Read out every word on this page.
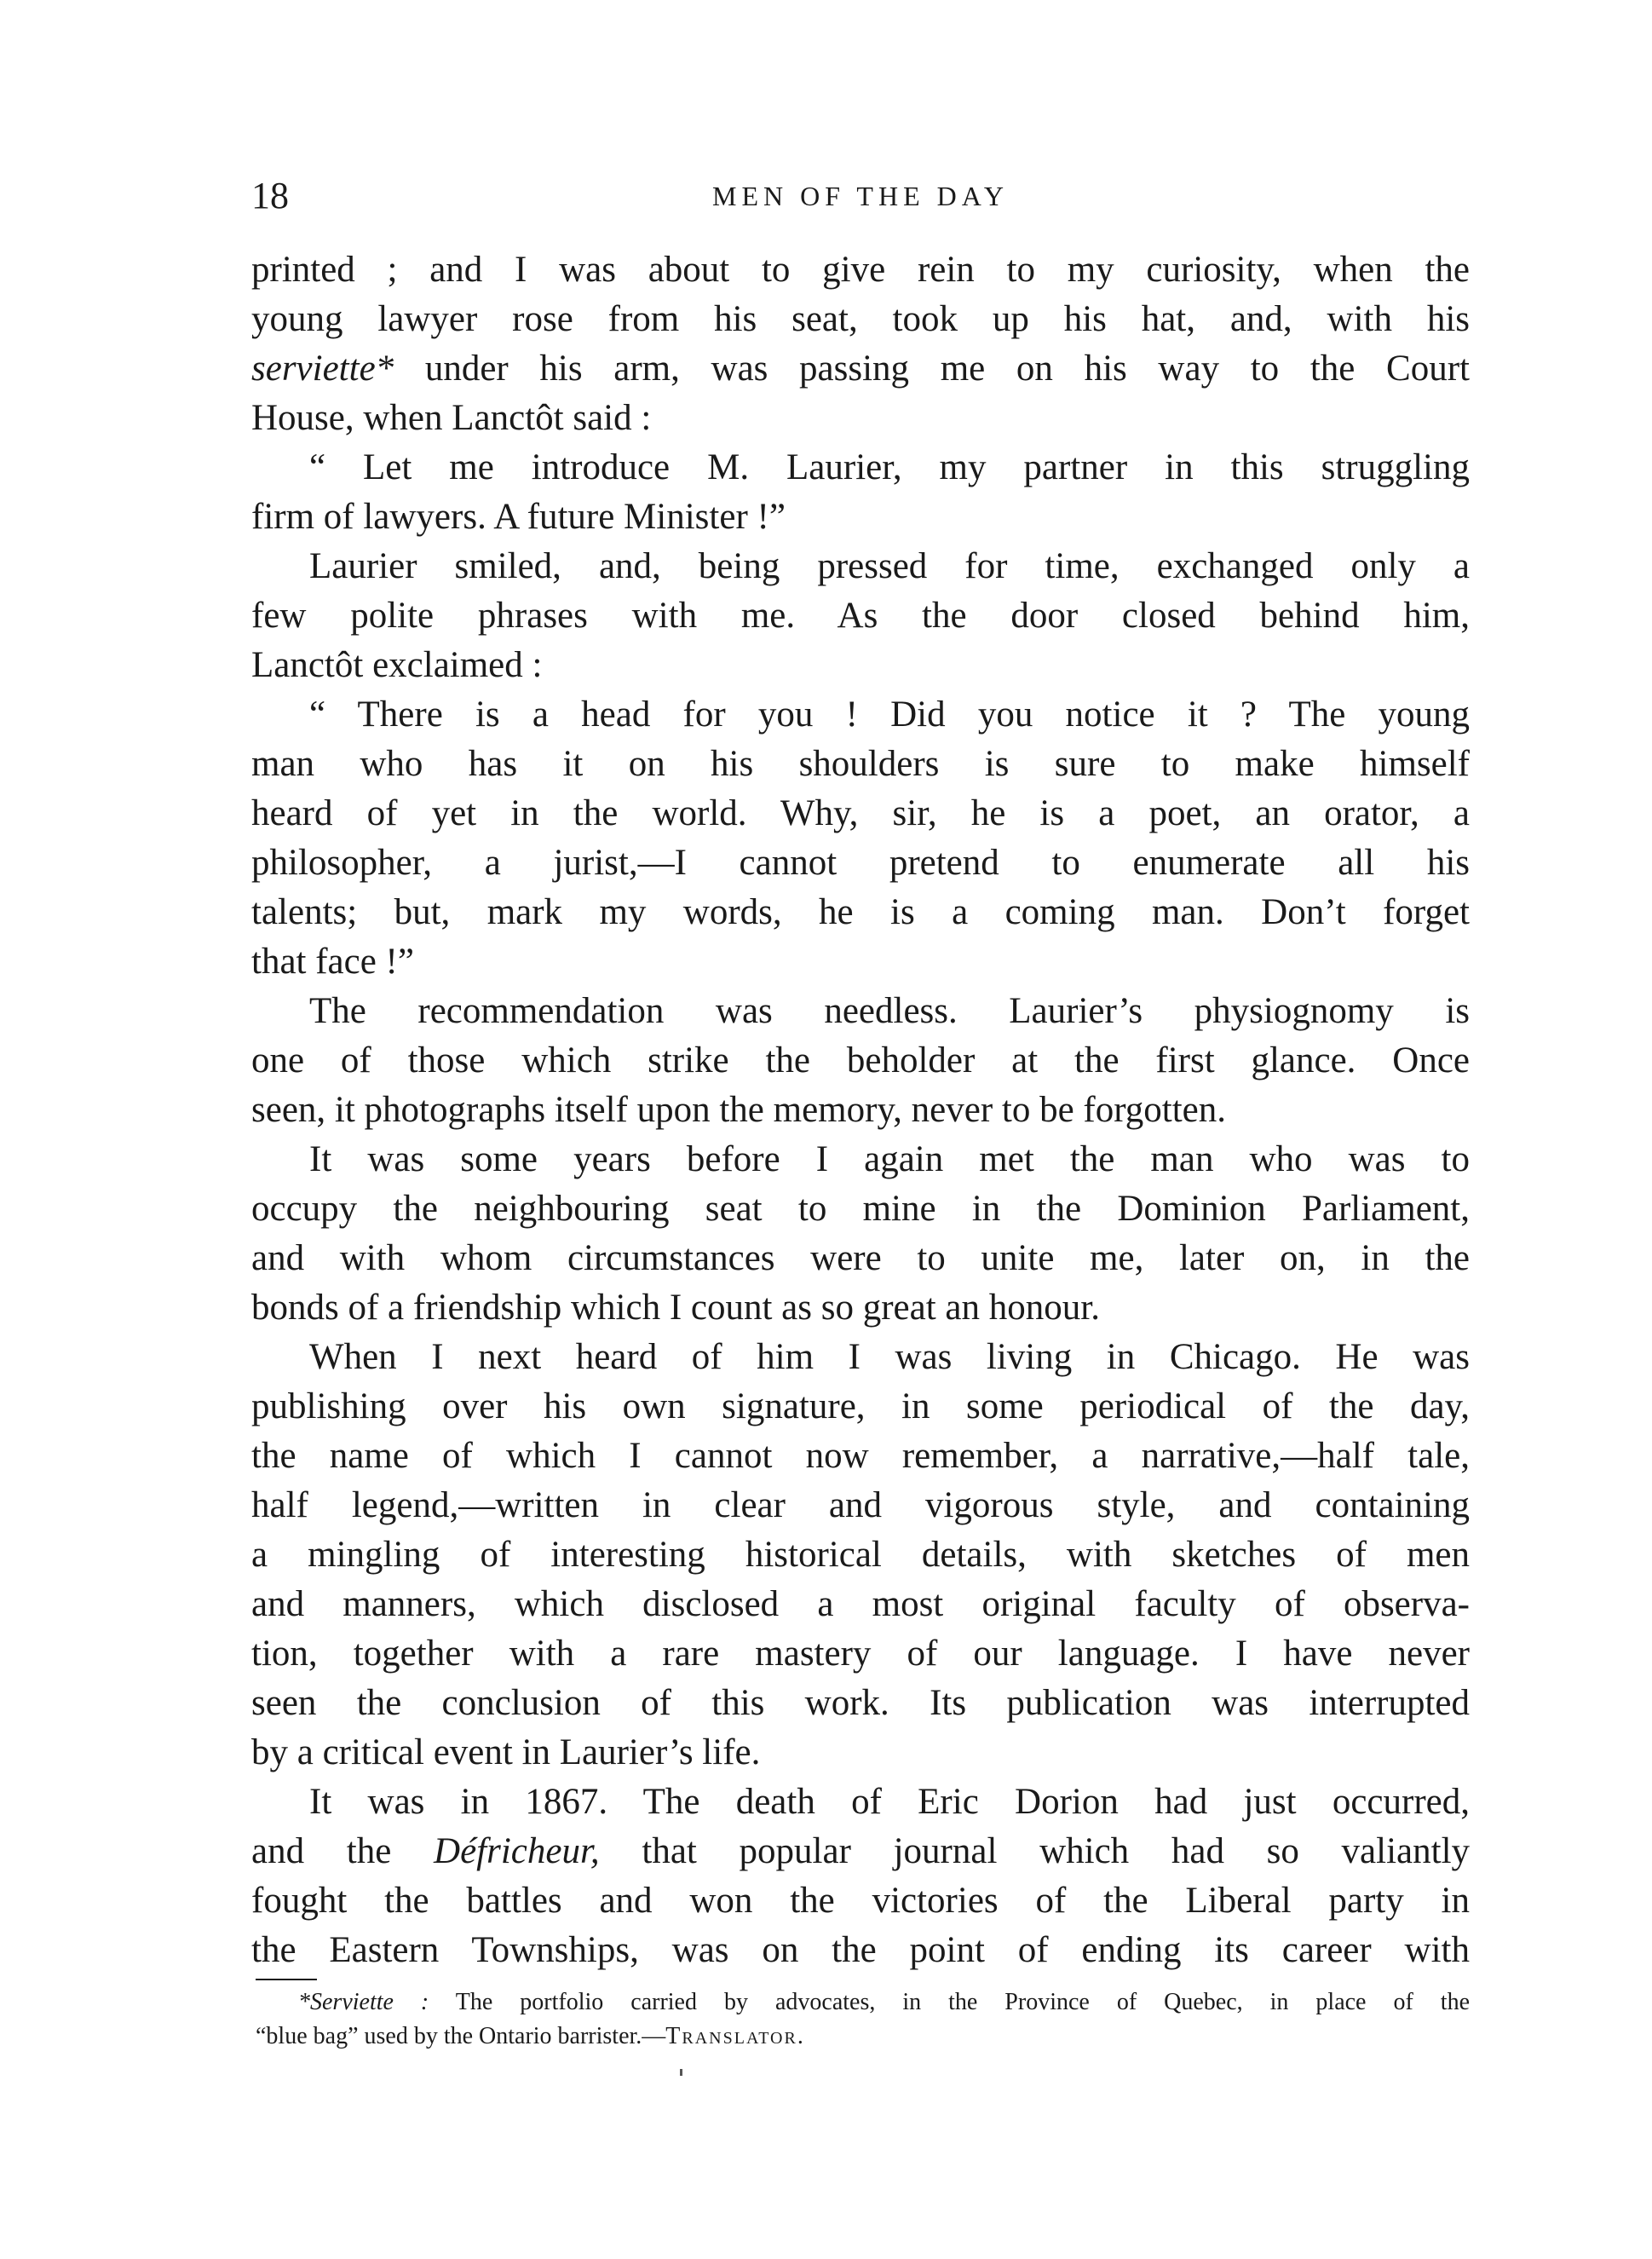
18	MEN OF THE DAY
printed ; and I was about to give rein to my curiosity, when the
young lawyer rose from his seat, took up his hat, and, with his
serviette* under his arm, was passing me on his way to the Court
House, when Lanctôt said :
“ Let me introduce M. Laurier, my partner in this struggling
firm of lawyers. A future Minister !”
Laurier smiled, and, being pressed for time, exchanged only a
few polite phrases with me. As the door closed behind him,
Lanctôt exclaimed :
“ There is a head for you ! Did you notice it ? The young
man who has it on his shoulders is sure to make himself
heard of yet in the world. Why, sir, he is a poet, an orator, a
philosopher, a jurist,—I cannot pretend to enumerate all his
talents; but, mark my words, he is a coming man. Don’t forget
that face !”
The recommendation was needless. Laurier’s physiognomy is
one of those which strike the beholder at the first glance. Once
seen, it photographs itself upon the memory, never to be forgotten.
It was some years before I again met the man who was to
occupy the neighbouring seat to mine in the Dominion Parliament,
and with whom circumstances were to unite me, later on, in the
bonds of a friendship which I count as so great an honour.
When I next heard of him I was living in Chicago. He was
publishing over his own signature, in some periodical of the day,
the name of which I cannot now remember, a narrative,—half tale,
half legend,—written in clear and vigorous style, and containing
a mingling of interesting historical details, with sketches of men
and manners, which disclosed a most original faculty of observa-
tion, together with a rare mastery of our language. I have never
seen the conclusion of this work. Its publication was interrupted
by a critical event in Laurier’s life.
It was in 1867. The death of Eric Dorion had just occurred,
and the Défricheur, that popular journal which had so valiantly
fought the battles and won the victories of the Liberal party in
the Eastern Townships, was on the point of ending its career with
*Serviette : The portfolio carried by advocates, in the Province of Quebec, in place of the
“blue bag” used by the Ontario barrister.—Translator.
